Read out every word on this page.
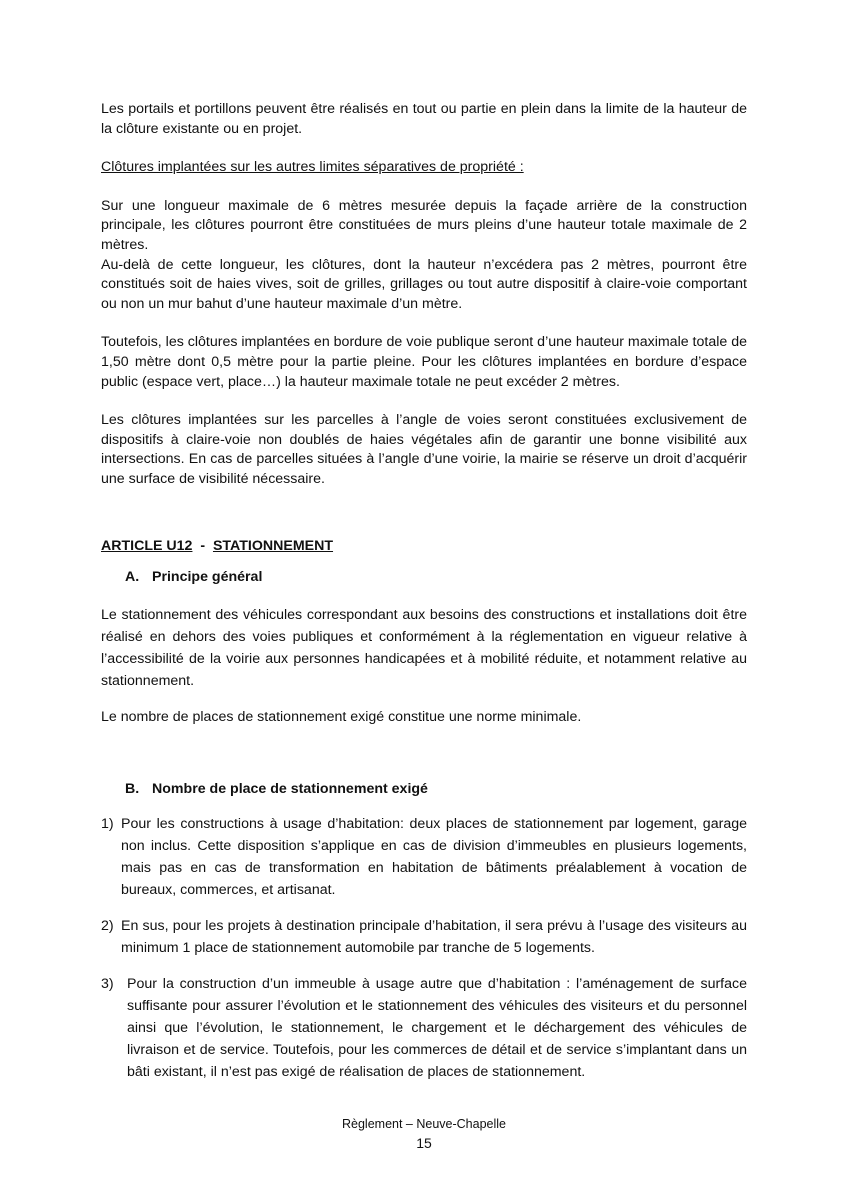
Les portails et portillons peuvent être réalisés en tout ou partie en plein dans la limite de la hauteur de la clôture existante ou en projet.

Clôtures implantées sur les autres limites séparatives de propriété :

Sur une longueur maximale de 6 mètres mesurée depuis la façade arrière de la construction principale, les clôtures pourront être constituées de murs pleins d’une hauteur totale maximale de 2 mètres.

Au-delà de cette longueur, les clôtures, dont la hauteur n’excédera pas 2 mètres, pourront être constitués soit de haies vives, soit de grilles, grillages ou tout autre dispositif à claire-voie comportant ou non un mur bahut d’une hauteur maximale d’un mètre.

Toutefois, les clôtures implantées en bordure de voie publique seront d’une hauteur maximale totale de 1,50 mètre dont 0,5 mètre pour la partie pleine. Pour les clôtures implantées en bordure d’espace public (espace vert, place…) la hauteur maximale totale ne peut excéder 2 mètres.

Les clôtures implantées sur les parcelles à l’angle de voies seront constituées exclusivement de dispositifs à claire-voie non doublés de haies végétales afin de garantir une bonne visibilité aux intersections. En cas de parcelles situées à l’angle d’une voirie, la mairie se réserve un droit d’acquérir une surface de visibilité nécessaire.

ARTICLE U12 - STATIONNEMENT
A. Principe général

Le stationnement des véhicules correspondant aux besoins des constructions et installations doit être réalisé en dehors des voies publiques et conformément à la réglementation en vigueur relative à l’accessibilité de la voirie aux personnes handicapées et à mobilité réduite, et notamment relative au stationnement.

Le nombre de places de stationnement exigé constitue une norme minimale.

B. Nombre de place de stationnement exigé
1) Pour les constructions à usage d’habitation: deux places de stationnement par logement, garage non inclus. Cette disposition s’applique en cas de division d’immeubles en plusieurs logements, mais pas en cas de transformation en habitation de bâtiments préalablement à vocation de bureaux, commerces, et artisanat.
2) En sus, pour les projets à destination principale d’habitation, il sera prévu à l’usage des visiteurs au minimum 1 place de stationnement automobile par tranche de 5 logements.
3) Pour la construction d’un immeuble à usage autre que d’habitation : l’aménagement de surface suffisante pour assurer l’évolution et le stationnement des véhicules des visiteurs et du personnel ainsi que l’évolution, le stationnement, le chargement et le déchargement des véhicules de livraison et de service. Toutefois, pour les commerces de détail et de service s’implantant dans un bâti existant, il n’est pas exigé de réalisation de places de stationnement.
Règlement – Neuve-Chapelle
15
